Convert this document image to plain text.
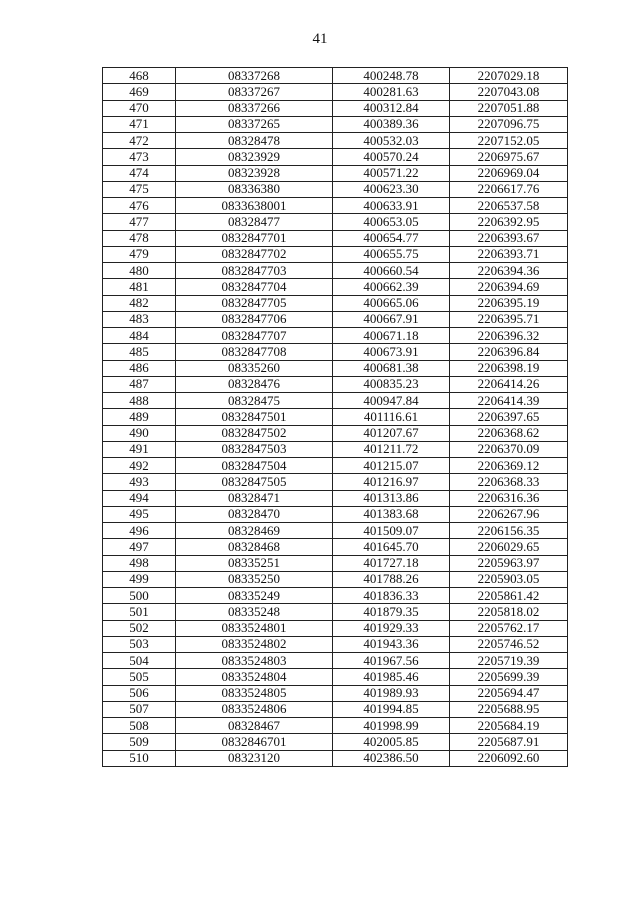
41
468	08337268	400248.78	2207029.18
469	08337267	400281.63	2207043.08
470	08337266	400312.84	2207051.88
471	08337265	400389.36	2207096.75
472	08328478	400532.03	2207152.05
473	08323929	400570.24	2206975.67
474	08323928	400571.22	2206969.04
475	08336380	400623.30	2206617.76
476	0833638001	400633.91	2206537.58
477	08328477	400653.05	2206392.95
478	0832847701	400654.77	2206393.67
479	0832847702	400655.75	2206393.71
480	0832847703	400660.54	2206394.36
481	0832847704	400662.39	2206394.69
482	0832847705	400665.06	2206395.19
483	0832847706	400667.91	2206395.71
484	0832847707	400671.18	2206396.32
485	0832847708	400673.91	2206396.84
486	08335260	400681.38	2206398.19
487	08328476	400835.23	2206414.26
488	08328475	400947.84	2206414.39
489	0832847501	401116.61	2206397.65
490	0832847502	401207.67	2206368.62
491	0832847503	401211.72	2206370.09
492	0832847504	401215.07	2206369.12
493	0832847505	401216.97	2206368.33
494	08328471	401313.86	2206316.36
495	08328470	401383.68	2206267.96
496	08328469	401509.07	2206156.35
497	08328468	401645.70	2206029.65
498	08335251	401727.18	2205963.97
499	08335250	401788.26	2205903.05
500	08335249	401836.33	2205861.42
501	08335248	401879.35	2205818.02
502	0833524801	401929.33	2205762.17
503	0833524802	401943.36	2205746.52
504	0833524803	401967.56	2205719.39
505	0833524804	401985.46	2205699.39
506	0833524805	401989.93	2205694.47
507	0833524806	401994.85	2205688.95
508	08328467	401998.99	2205684.19
509	0832846701	402005.85	2205687.91
510	08323120	402386.50	2206092.60
